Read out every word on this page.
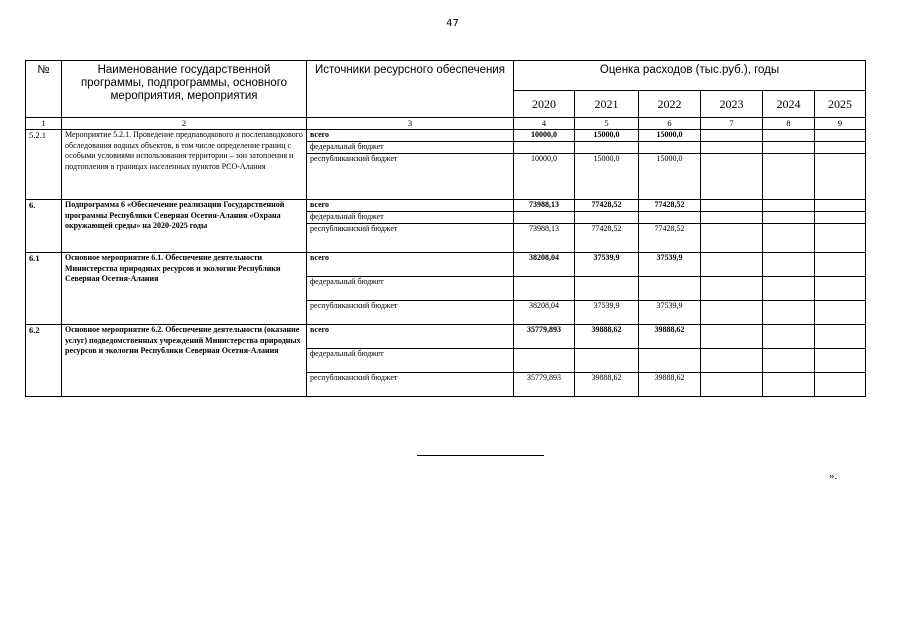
47
№	Наименование государственной программы, подпрограммы, основного мероприятия, мероприятия	Источники ресурсного обеспечения	Оценка расходов (тыс.руб.), годы					
			2020	2021	2022	2023	2024	2025
1	2	3	4	5	6	7	8	9
5.2.1	Мероприятие 5.2.1. Проведение предпаводкового и послепаводкового обследования водных объектов, в том числе определение границ с особыми условиями использования территории – зон затопления и подтопления в границах населенных пунктов РСО-Алания	всего	10000,0	15000,0	15000,0			
		федеральный бюджет						
		республиканский бюджет	10000,0	15000,0	15000,0			
6.	Подпрограмма 6 «Обеспечение реализации Государственной программы Республики Северная Осетия-Алания «Охрана окружающей среды» на 2020-2025 годы	всего	73988,13	77428,52	77428,52			
		федеральный бюджет						
		республиканский бюджет	73988,13	77428,52	77428,52			
6.1	Основное мероприятие 6.1. Обеспечение деятельности Министерства природных ресурсов и экологии Республики Северная Осетия-Алания	всего	38208,04	37539,9	37539,9			
		федеральный бюджет						
		республиканский бюджет	38208,04	37539,9	37539,9			
6.2	Основное мероприятие 6.2. Обеспечение деятельности (оказание услуг) подведомственных учреждений Министерства природных ресурсов и экологии Республики Северная Осетия-Алания	всего	35779,893	39888,62	39888,62			
		федеральный бюджет						
		республиканский бюджет	35779,893	39888,62	39888,62			
».
